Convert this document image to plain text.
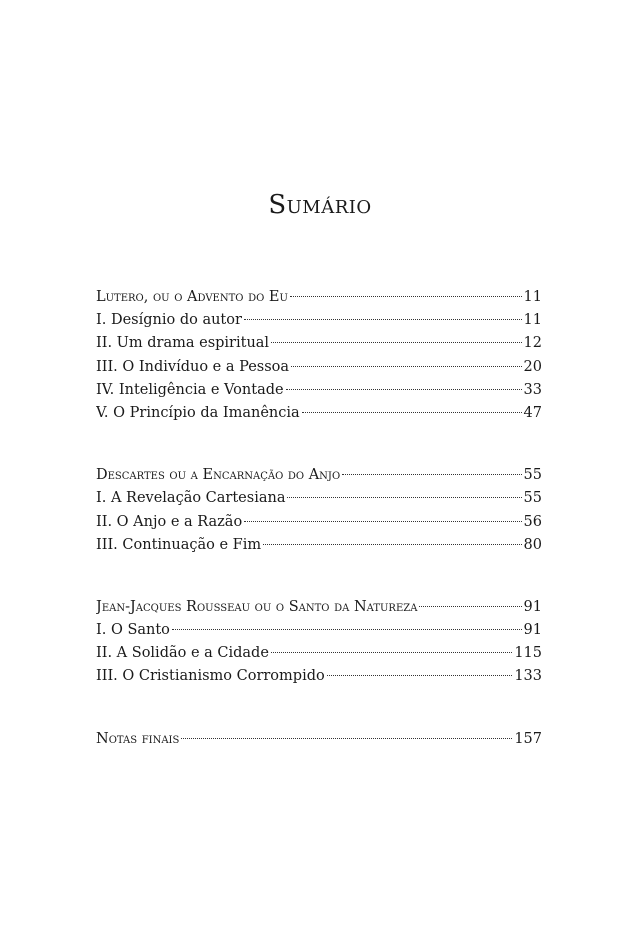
Sumário
Lutero, ou o Advento do Eu	11
I. Desígnio do autor	11
II. Um drama espiritual	12
III. O Indivíduo e a Pessoa	20
IV. Inteligência e Vontade	33
V. O Princípio da Imanência	47
Descartes ou a Encarnação do Anjo	55
I. A Revelação Cartesiana	55
II. O Anjo e a Razão	56
III. Continuação e Fim	80
Jean-Jacques Rousseau ou o Santo da Natureza	91
I. O Santo	91
II. A Solidão e a Cidade	115
III. O Cristianismo Corrompido	133
Notas finais	157
